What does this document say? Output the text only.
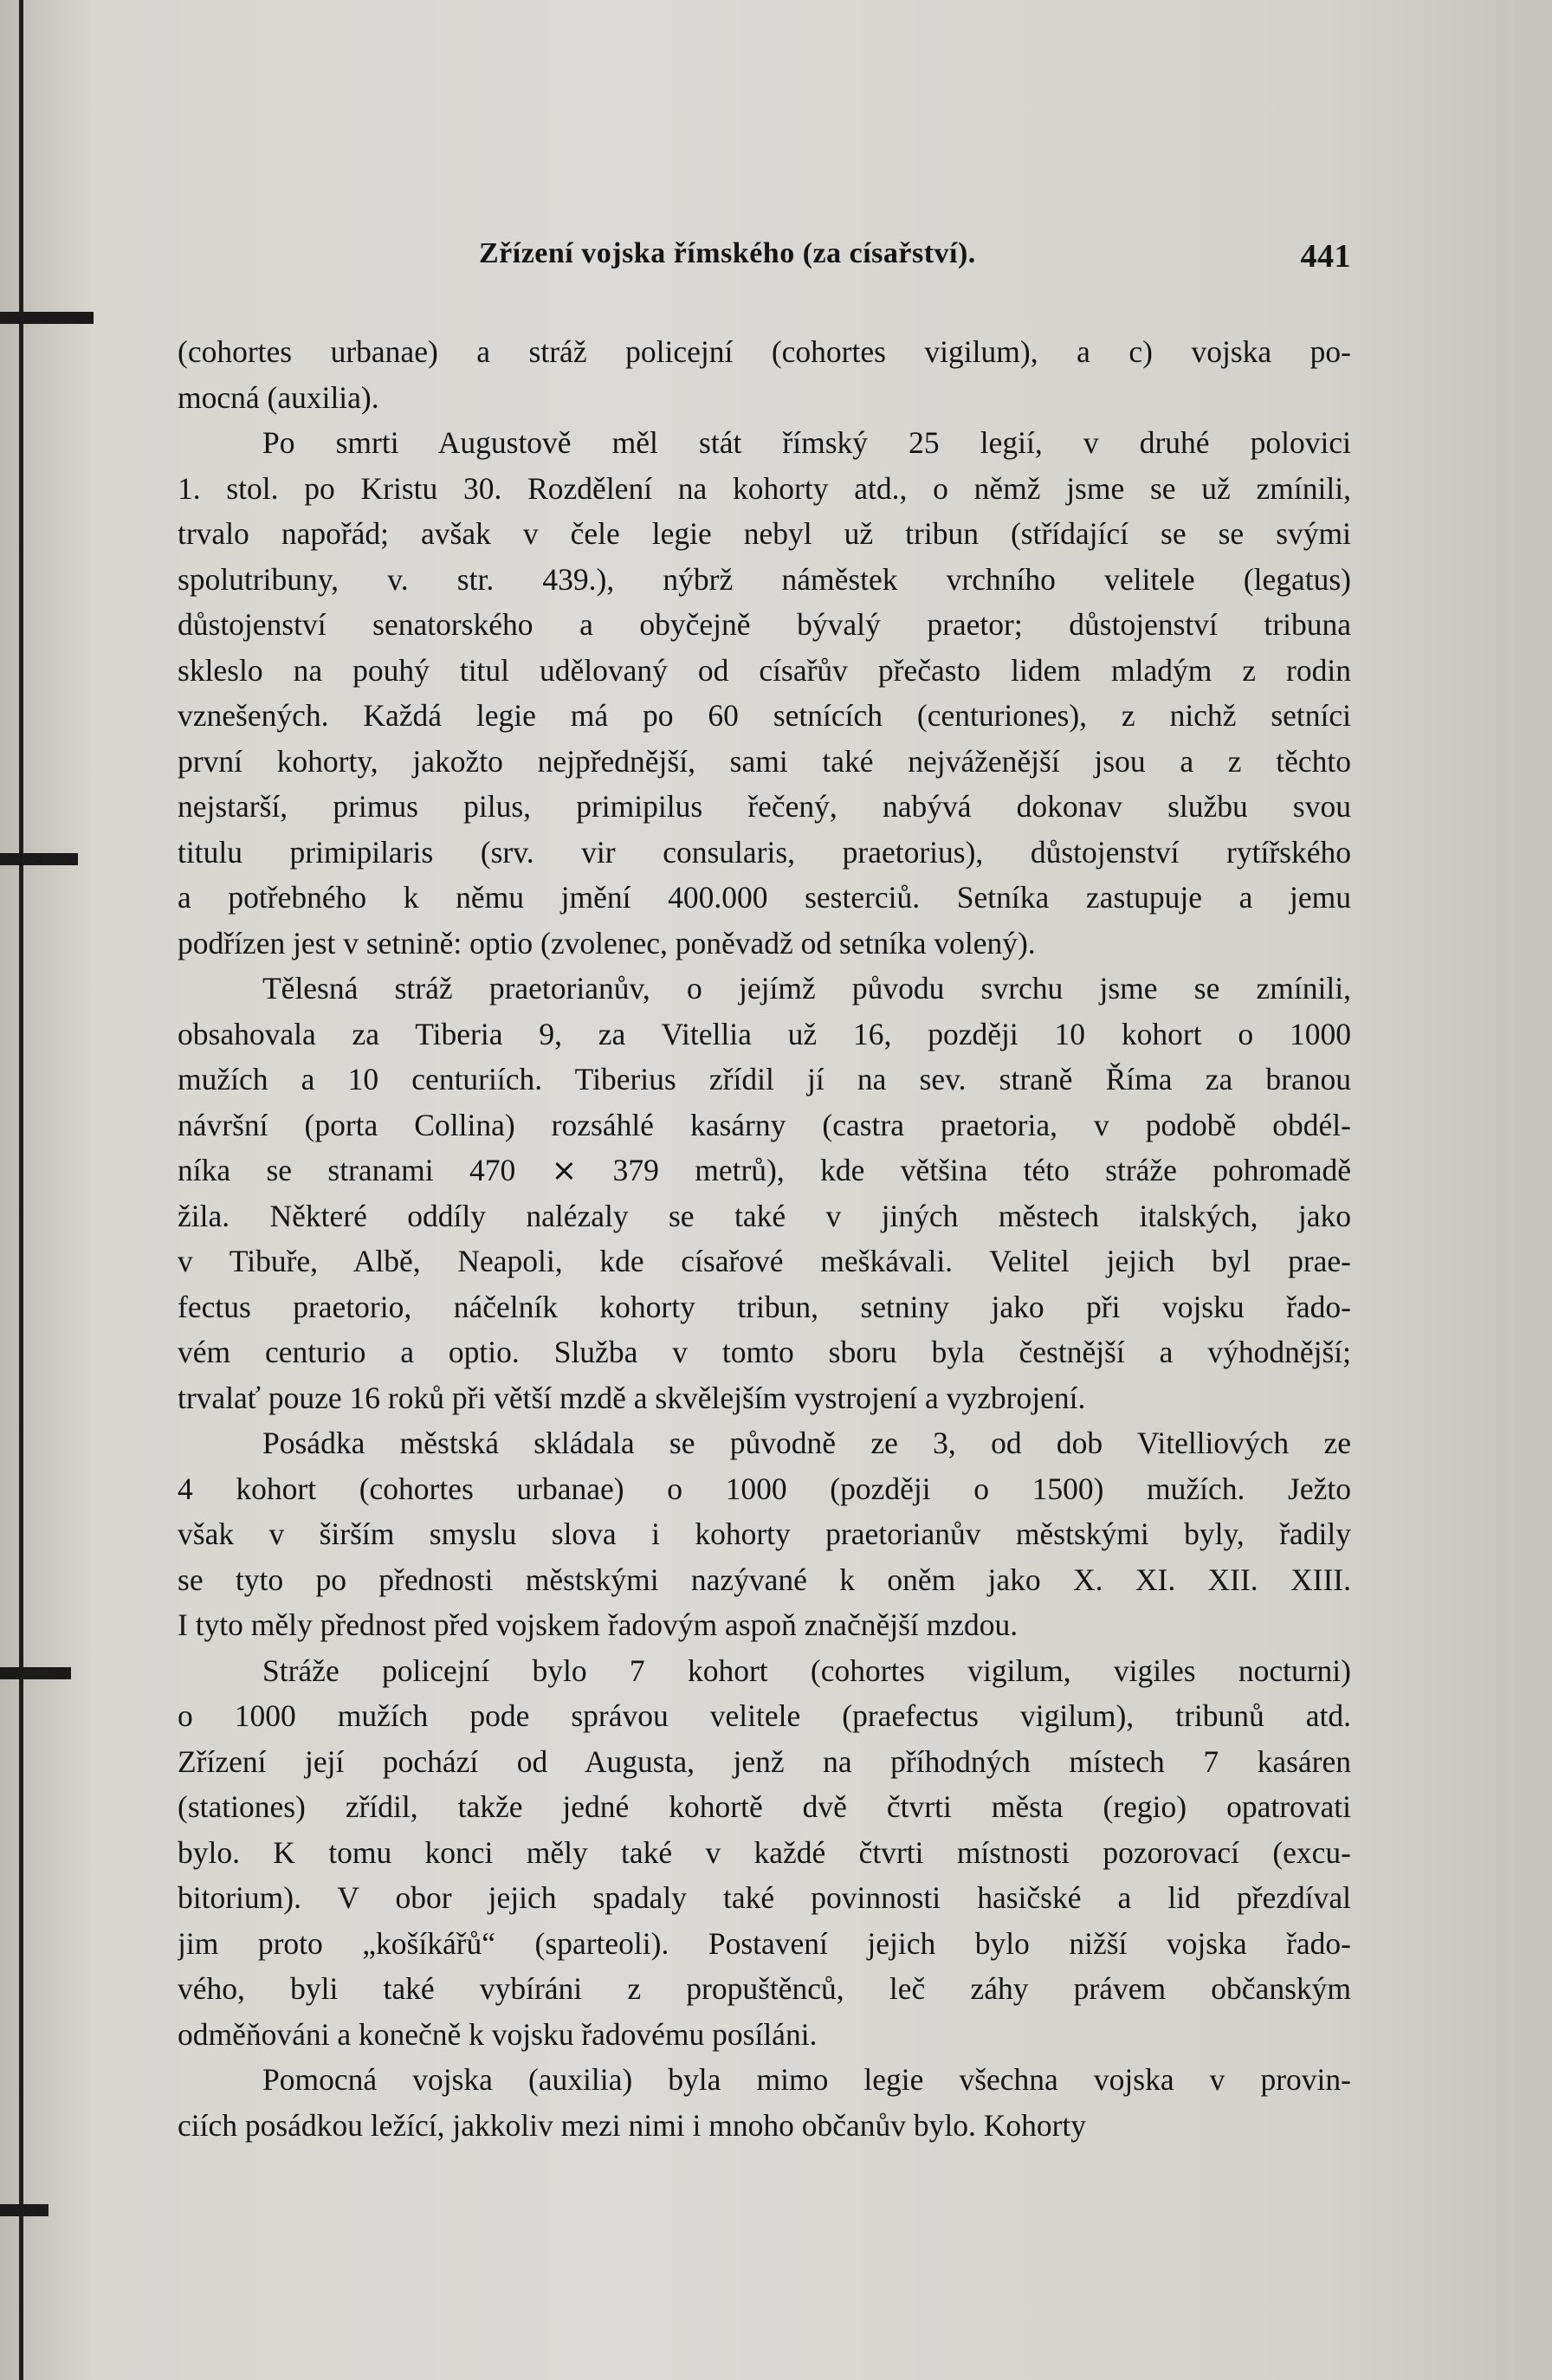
Zřízení vojska římského (za císařství).	441
(cohortes urbanae) a stráž policejní (cohortes vigilum), a c) vojska po-
mocná (auxilia).
Po smrti Augustově měl stát římský 25 legií, v druhé polovici
1. stol. po Kristu 30. Rozdělení na kohorty atd., o němž jsme se už zmínili,
trvalo napořád; avšak v čele legie nebyl už tribun (střídající se se svými
spolutribuny, v. str. 439.), nýbrž náměstek vrchního velitele (legatus)
důstojenství senatorského a obyčejně bývalý praetor; důstojenství tribuna
skleslo na pouhý titul udělovaný od císařův přečasto lidem mladým z rodin
vznešených. Každá legie má po 60 setnících (centuriones), z nichž setníci
první kohorty, jakožto nejpřednější, sami také nejváženější jsou a z těchto
nejstarší, primus pilus, primipilus řečený, nabývá dokonav službu svou
titulu primipilaris (srv. vir consularis, praetorius), důstojenství rytířského
a potřebného k němu jmění 400.000 sesterciů. Setníka zastupuje a jemu
podřízen jest v setnině: optio (zvolenec, poněvadž od setníka volený).
Tělesná stráž praetorianův, o jejímž původu svrchu jsme se zmínili,
obsahovala za Tiberia 9, za Vitellia už 16, později 10 kohort o 1000
mužích a 10 centuriích. Tiberius zřídil jí na sev. straně Říma za branou
návršní (porta Collina) rozsáhlé kasárny (castra praetoria, v podobě obdél-
níka se stranami 470 ⨯ 379 metrů), kde většina této stráže pohromadě
žila. Některé oddíly nalézaly se také v jiných městech italských, jako
v Tibuře, Albě, Neapoli, kde císařové meškávali. Velitel jejich byl prae-
fectus praetorio, náčelník kohorty tribun, setniny jako při vojsku řado-
vém centurio a optio. Služba v tomto sboru byla čestnější a výhodnější;
trvalať pouze 16 roků při větší mzdě a skvělejším vystrojení a vyzbrojení.
Posádka městská skládala se původně ze 3, od dob Vitelliových ze
4 kohort (cohortes urbanae) o 1000 (později o 1500) mužích. Ježto
však v širším smyslu slova i kohorty praetorianův městskými byly, řadily
se tyto po přednosti městskými nazývané k oněm jako X. XI. XII. XIII.
I tyto měly přednost před vojskem řadovým aspoň značnější mzdou.
Stráže policejní bylo 7 kohort (cohortes vigilum, vigiles nocturni)
o 1000 mužích pode správou velitele (praefectus vigilum), tribunů atd.
Zřízení její pochází od Augusta, jenž na příhodných místech 7 kasáren
(stationes) zřídil, takže jedné kohortě dvě čtvrti města (regio) opatrovati
bylo. K tomu konci měly také v každé čtvrti místnosti pozorovací (excu-
bitorium). V obor jejich spadaly také povinnosti hasičské a lid přezdíval
jim proto „košíkářů“ (sparteoli). Postavení jejich bylo nižší vojska řado-
vého, byli také vybíráni z propuštěnců, leč záhy právem občanským
odměňováni a konečně k vojsku řadovému posíláni.
Pomocná vojska (auxilia) byla mimo legie všechna vojska v provin-
ciích posádkou ležící, jakkoliv mezi nimi i mnoho občanův bylo. Kohorty
